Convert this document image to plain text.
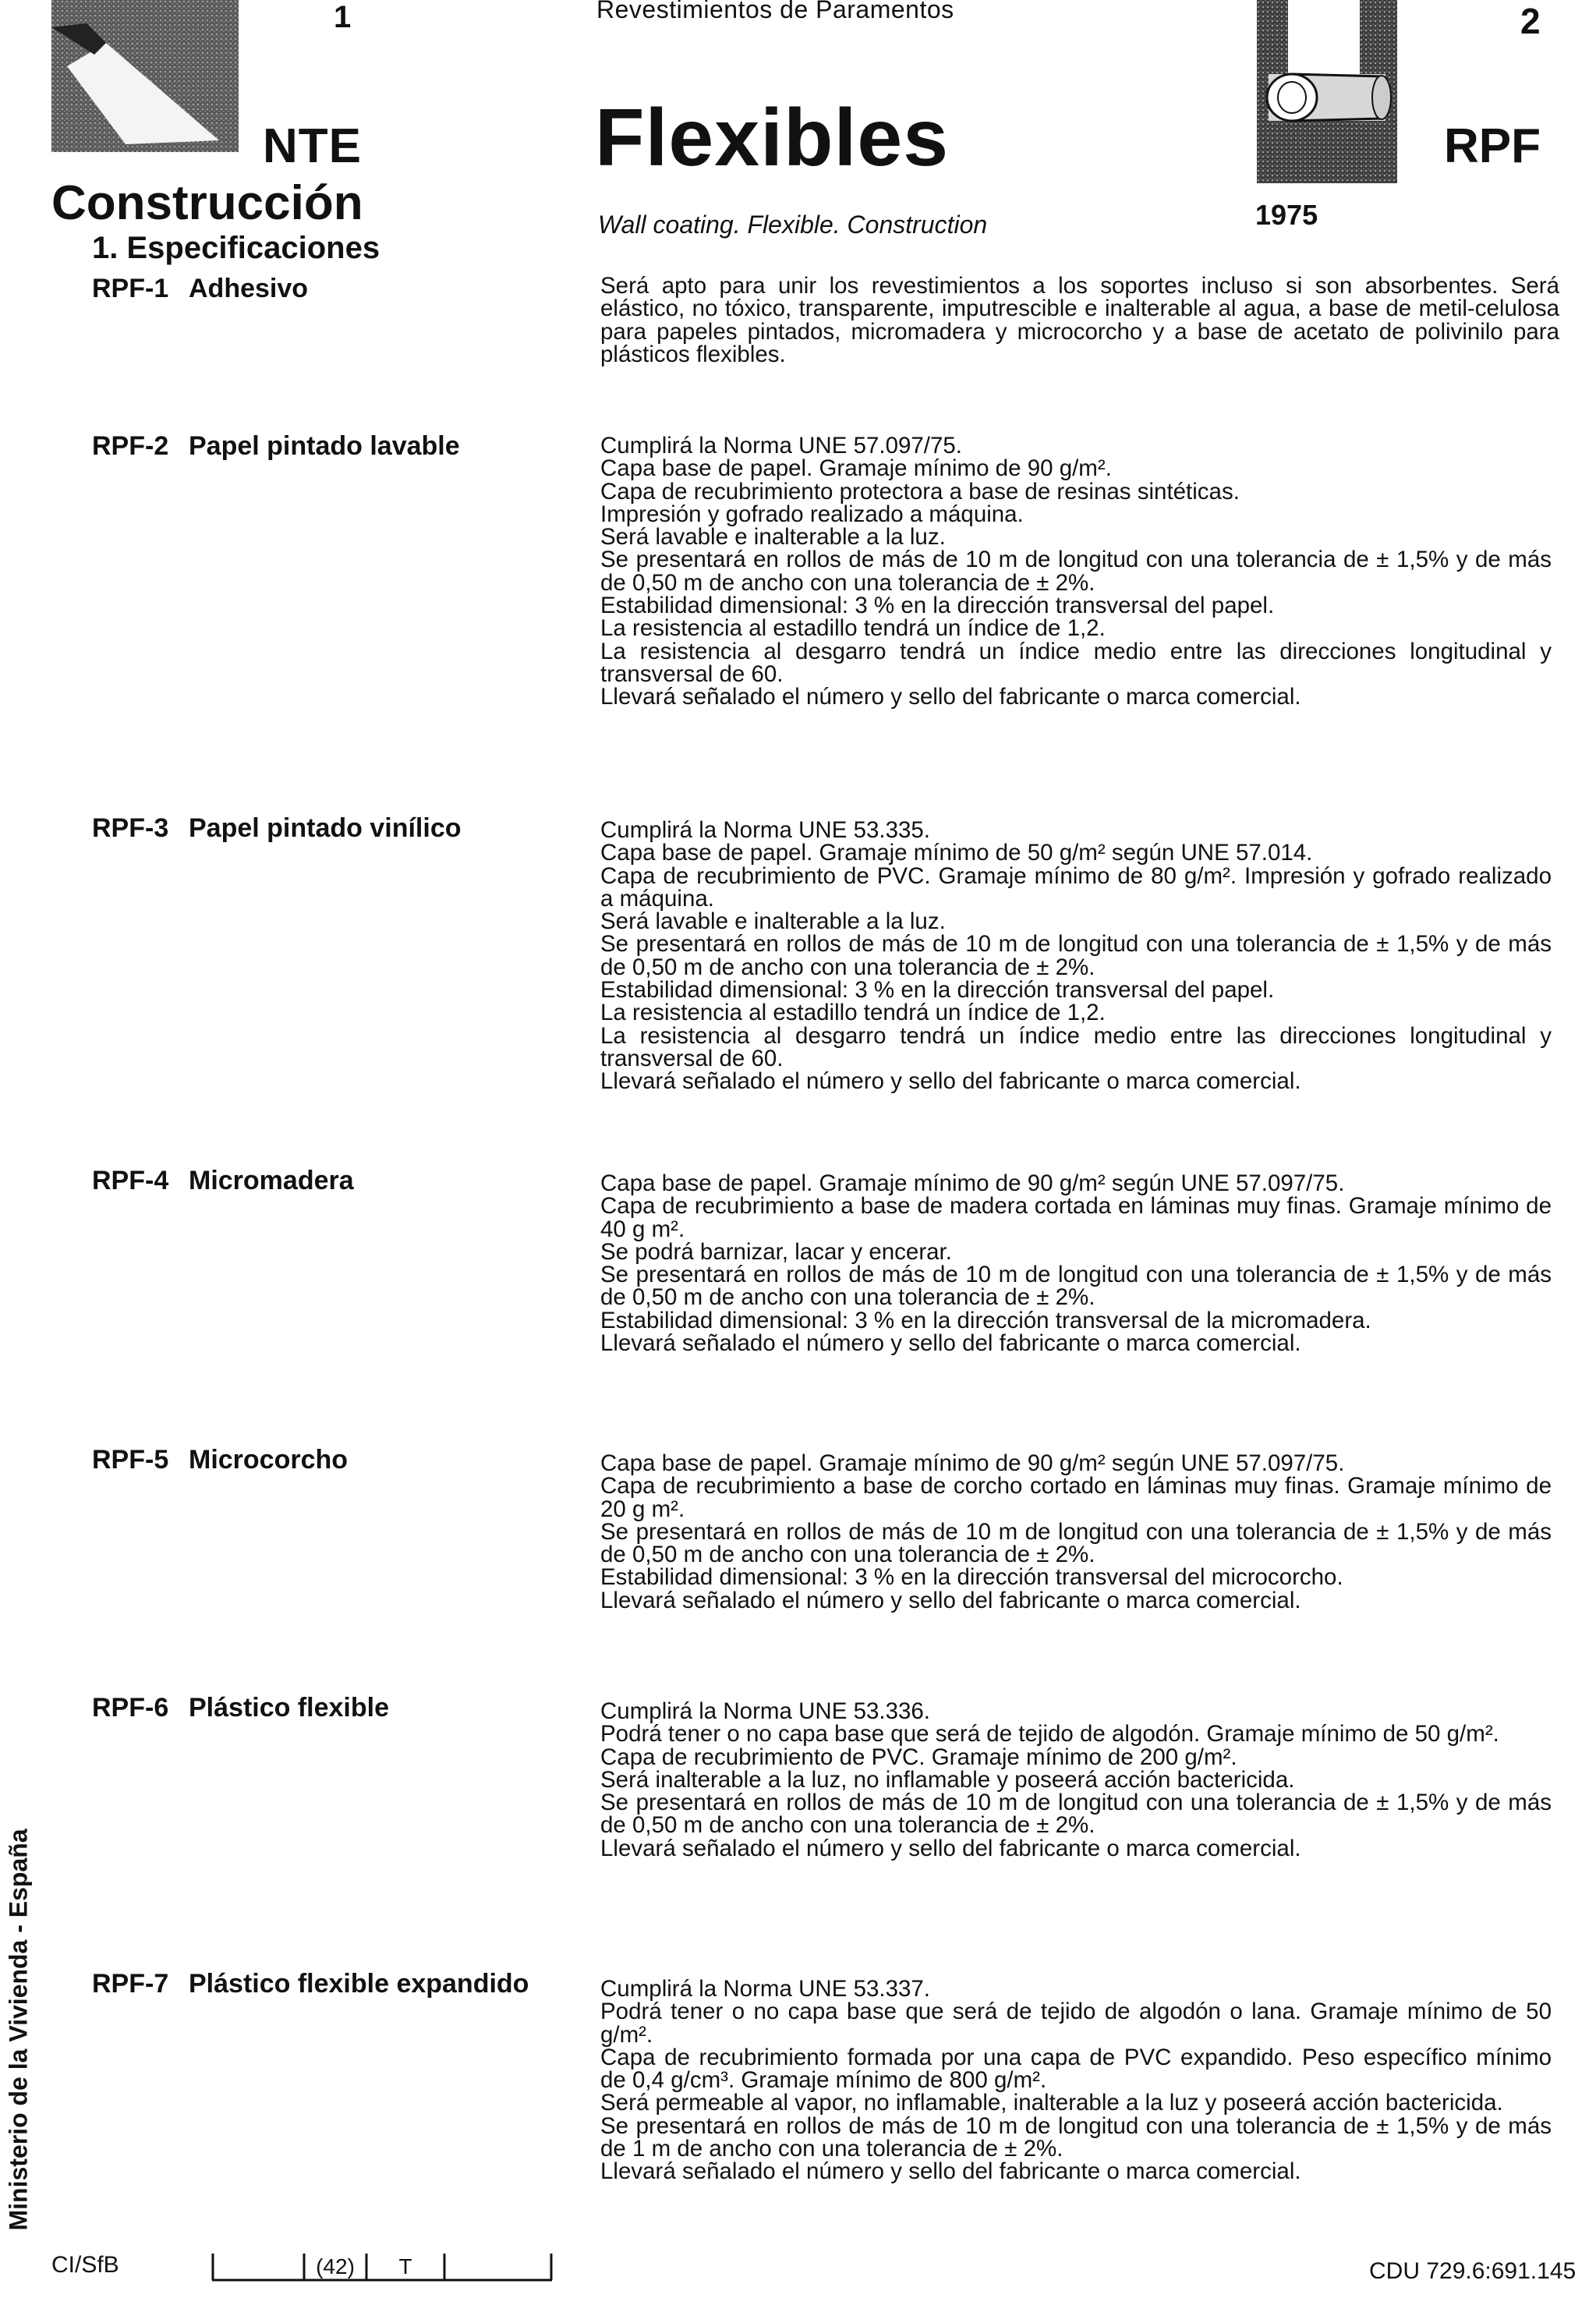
1	2
Revestimientos de Paramentos
NTE
Construcción
Flexibles	RPF
1975
Wall coating. Flexible. Construction
1. Especificaciones
RPF-1 Adhesivo	Será apto para unir los revestimientos a los soportes incluso si son absorbentes. Será elástico, no tóxico, transparente, imputrescible e inalterable al agua, a base de metil-celulosa para papeles pintados, micromadera y microcorcho y a base de acetato de polivinilo para plásticos flexibles.

RPF-2 Papel pintado lavable	Cumplirá la Norma UNE 57.097/75.

Capa base de papel. Gramaje mínimo de 90 g/m².

Capa de recubrimiento protectora a base de resinas sintéticas.

Impresión y gofrado realizado a máquina.

Será lavable e inalterable a la luz.

Se presentará en rollos de más de 10 m de longitud con una tolerancia de ± 1,5% y de más de 0,50 m de ancho con una tolerancia de ± 2%.

Estabilidad dimensional: 3 % en la dirección transversal del papel.

La resistencia al estadillo tendrá un índice de 1,2.

La resistencia al desgarro tendrá un índice medio entre las direcciones longitudinal y transversal de 60.

Llevará señalado el número y sello del fabricante o marca comercial.

RPF-3 Papel pintado vinílico	Cumplirá la Norma UNE 53.335.

Capa base de papel. Gramaje mínimo de 50 g/m² según UNE 57.014.

Capa de recubrimiento de PVC. Gramaje mínimo de 80 g/m². Impresión y gofrado realizado a máquina.

Será lavable e inalterable a la luz.

Se presentará en rollos de más de 10 m de longitud con una tolerancia de ± 1,5% y de más de 0,50 m de ancho con una tolerancia de ± 2%.

Estabilidad dimensional: 3 % en la dirección transversal del papel.

La resistencia al estadillo tendrá un índice de 1,2.

La resistencia al desgarro tendrá un índice medio entre las direcciones longitudinal y transversal de 60.

Llevará señalado el número y sello del fabricante o marca comercial.

RPF-4 Micromadera	Capa base de papel. Gramaje mínimo de 90 g/m² según UNE 57.097/75.

Capa de recubrimiento a base de madera cortada en láminas muy finas. Gramaje mínimo de 40 g m².

Se podrá barnizar, lacar y encerar.

Se presentará en rollos de más de 10 m de longitud con una tolerancia de ± 1,5% y de más de 0,50 m de ancho con una tolerancia de ± 2%.

Estabilidad dimensional: 3 % en la dirección transversal de la micromadera.

Llevará señalado el número y sello del fabricante o marca comercial.

RPF-5 Microcorcho	Capa base de papel. Gramaje mínimo de 90 g/m² según UNE 57.097/75.

Capa de recubrimiento a base de corcho cortado en láminas muy finas. Gramaje mínimo de 20 g m².

Se presentará en rollos de más de 10 m de longitud con una tolerancia de ± 1,5% y de más de 0,50 m de ancho con una tolerancia de ± 2%.

Estabilidad dimensional: 3 % en la dirección transversal del microcorcho.

Llevará señalado el número y sello del fabricante o marca comercial.

RPF-6 Plástico flexible	Cumplirá la Norma UNE 53.336.

Podrá tener o no capa base que será de tejido de algodón. Gramaje mínimo de 50 g/m².

Capa de recubrimiento de PVC. Gramaje mínimo de 200 g/m².

Será inalterable a la luz, no inflamable y poseerá acción bactericida.

Se presentará en rollos de más de 10 m de longitud con una tolerancia de ± 1,5% y de más de 0,50 m de ancho con una tolerancia de ± 2%.

Llevará señalado el número y sello del fabricante o marca comercial.

RPF-7 Plástico flexible expandido	Cumplirá la Norma UNE 53.337.

Podrá tener o no capa base que será de tejido de algodón o lana. Gramaje mínimo de 50 g/m².

Capa de recubrimiento formada por una capa de PVC expandido. Peso específico mínimo de 0,4 g/cm³. Gramaje mínimo de 800 g/m².

Será permeable al vapor, no inflamable, inalterable a la luz y poseerá acción bactericida.

Se presentará en rollos de más de 10 m de longitud con una tolerancia de ± 1,5% y de más de 1 m de ancho con una tolerancia de ± 2%.

Llevará señalado el número y sello del fabricante o marca comercial.

Ministerio de la Vivienda - España
CI/SfB	(42) T	CDU 729.6:691.145
